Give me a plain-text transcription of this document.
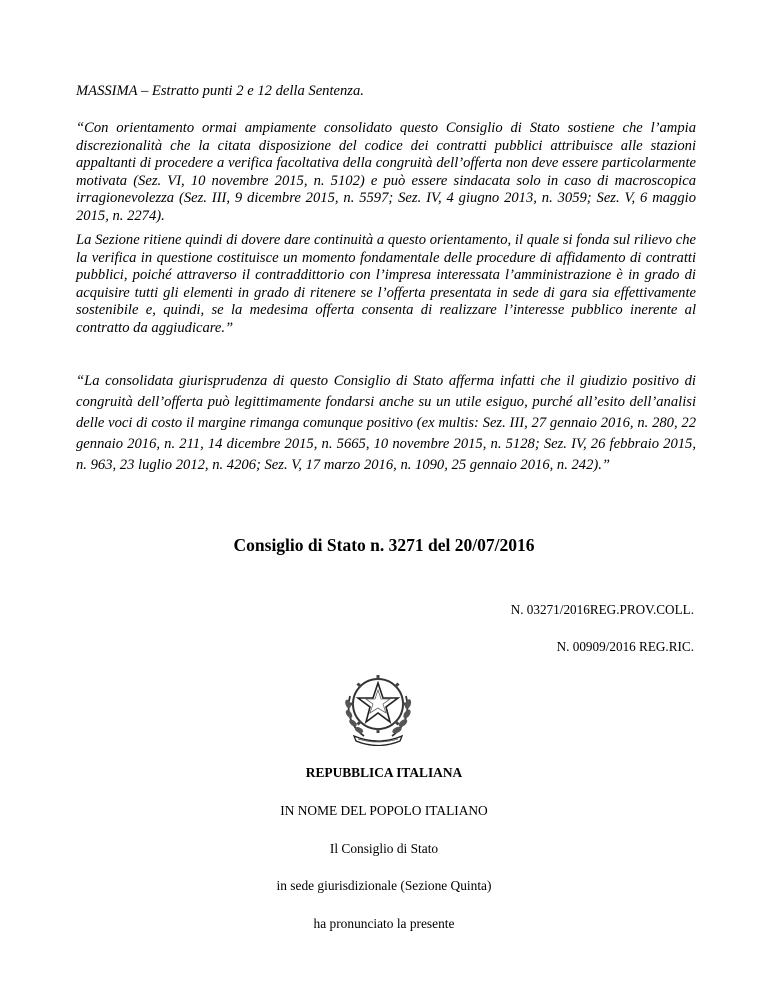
MASSIMA – Estratto punti 2 e 12 della Sentenza.
“Con orientamento ormai ampiamente consolidato questo Consiglio di Stato sostiene che l’ampia discrezionalità che la citata disposizione del codice dei contratti pubblici attribuisce alle stazioni appaltanti di procedere a verifica facoltativa della congruità dell’offerta non deve essere particolarmente motivata (Sez. VI, 10 novembre 2015, n. 5102) e può essere sindacata solo in caso di macroscopica irragionevolezza (Sez. III, 9 dicembre 2015, n. 5597; Sez. IV, 4 giugno 2013, n. 3059; Sez. V, 6 maggio 2015, n. 2274).
La Sezione ritiene quindi di dovere dare continuità a questo orientamento, il quale si fonda sul rilievo che la verifica in questione costituisce un momento fondamentale delle procedure di affidamento di contratti pubblici, poiché attraverso il contraddittorio con l’impresa interessata l’amministrazione è in grado di acquisire tutti gli elementi in grado di ritenere se l’offerta presentata in sede di gara sia effettivamente sostenibile e, quindi, se la medesima offerta consenta di realizzare l’interesse pubblico inerente al contratto da aggiudicare.”
“La consolidata giurisprudenza di questo Consiglio di Stato afferma infatti che il giudizio positivo di congruità dell’offerta può legittimamente fondarsi anche su un utile esiguo, purché all’esito dell’analisi delle voci di costo il margine rimanga comunque positivo (ex multis: Sez. III, 27 gennaio 2016, n. 280, 22 gennaio 2016, n. 211, 14 dicembre 2015, n. 5665, 10 novembre 2015, n. 5128; Sez. IV, 26 febbraio 2015, n. 963, 23 luglio 2012, n. 4206; Sez. V, 17 marzo 2016, n. 1090, 25 gennaio 2016, n. 242).”
Consiglio di Stato n. 3271 del 20/07/2016
N. 03271/2016REG.PROV.COLL.
N. 00909/2016 REG.RIC.
REPUBBLICA ITALIANA
IN NOME DEL POPOLO ITALIANO
Il Consiglio di Stato
in sede giurisdizionale (Sezione Quinta)
ha pronunciato la presente
